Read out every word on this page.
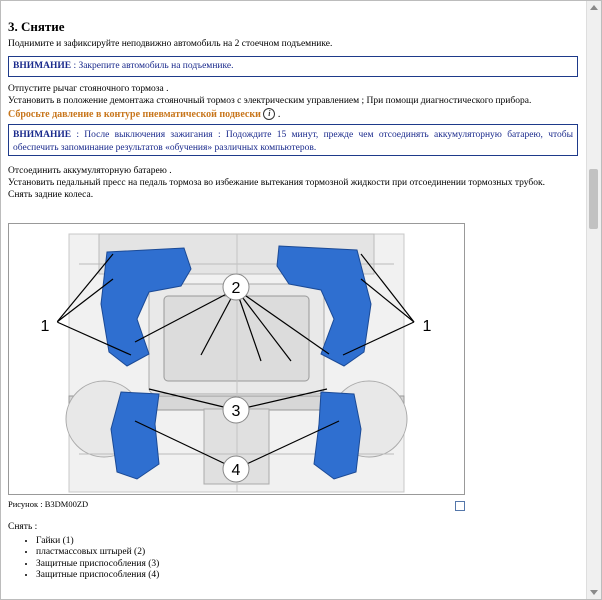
3. Снятие
Поднимите и зафиксируйте неподвижно автомобиль на 2 стоечном подъемнике.
ВНИМАНИЕ : Закрепите автомобиль на подъемнике.
Отпустите рычаг стояночного тормоза .
Установить в положение демонтажа стояночный тормоз с электрическим управлением ; При помощи диагностического прибора.
Сбросьте давление в контуре пневматической подвески i .
ВНИМАНИЕ : После выключения зажигания : Подождите 15 минут, прежде чем отсоединять аккумуляторную батарею, чтобы обеспечить запоминание результатов «обучения» различных компьютеров.
Отсоединить аккумуляторную батарею .
Установить педальный пресс на педаль тормоза во избежание вытекания тормозной жидкости при отсоединении тормозных трубок.
Снять задние колеса.
1
2
1
3
4
Рисунок : B3DM00ZD
Снять :
• Гайки (1)
• пластмассовых штырей (2)
• Защитные приспособления (3)
• Защитные приспособления (4)
